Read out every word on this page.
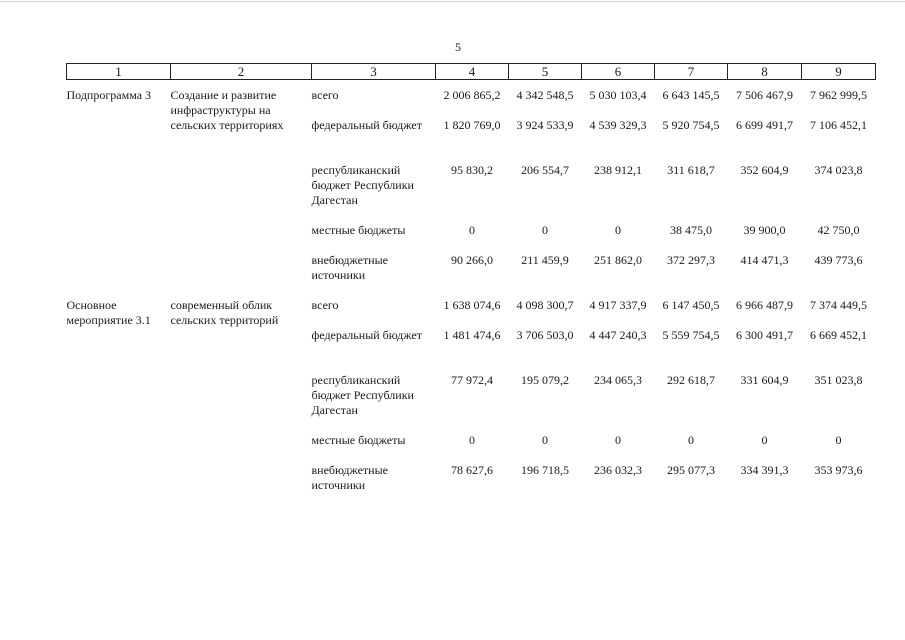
5
1	2	3	4	5	6	7	8	9
Подпрограмма 3	Создание и развитие инфраструктуры на сельских территориях	всего	2 006 865,2	4 342 548,5	5 030 103,4	6 643 145,5	7 506 467,9	7 962 999,5
		федеральный бюджет	1 820 769,0	3 924 533,9	4 539 329,3	5 920 754,5	6 699 491,7	7 106 452,1
		республиканский бюджет Республики Дагестан	95 830,2	206 554,7	238 912,1	311 618,7	352 604,9	374 023,8
		местные бюджеты	0	0	0	38 475,0	39 900,0	42 750,0
		внебюджетные источники	90 266,0	211 459,9	251 862,0	372 297,3	414 471,3	439 773,6
Основное мероприятие 3.1	современный облик сельских территорий	всего	1 638 074,6	4 098 300,7	4 917 337,9	6 147 450,5	6 966 487,9	7 374 449,5
		федеральный бюджет	1 481 474,6	3 706 503,0	4 447 240,3	5 559 754,5	6 300 491,7	6 669 452,1
		республиканский бюджет Республики Дагестан	77 972,4	195 079,2	234 065,3	292 618,7	331 604,9	351 023,8
		местные бюджеты	0	0	0	0	0	0
		внебюджетные источники	78 627,6	196 718,5	236 032,3	295 077,3	334 391,3	353 973,6
